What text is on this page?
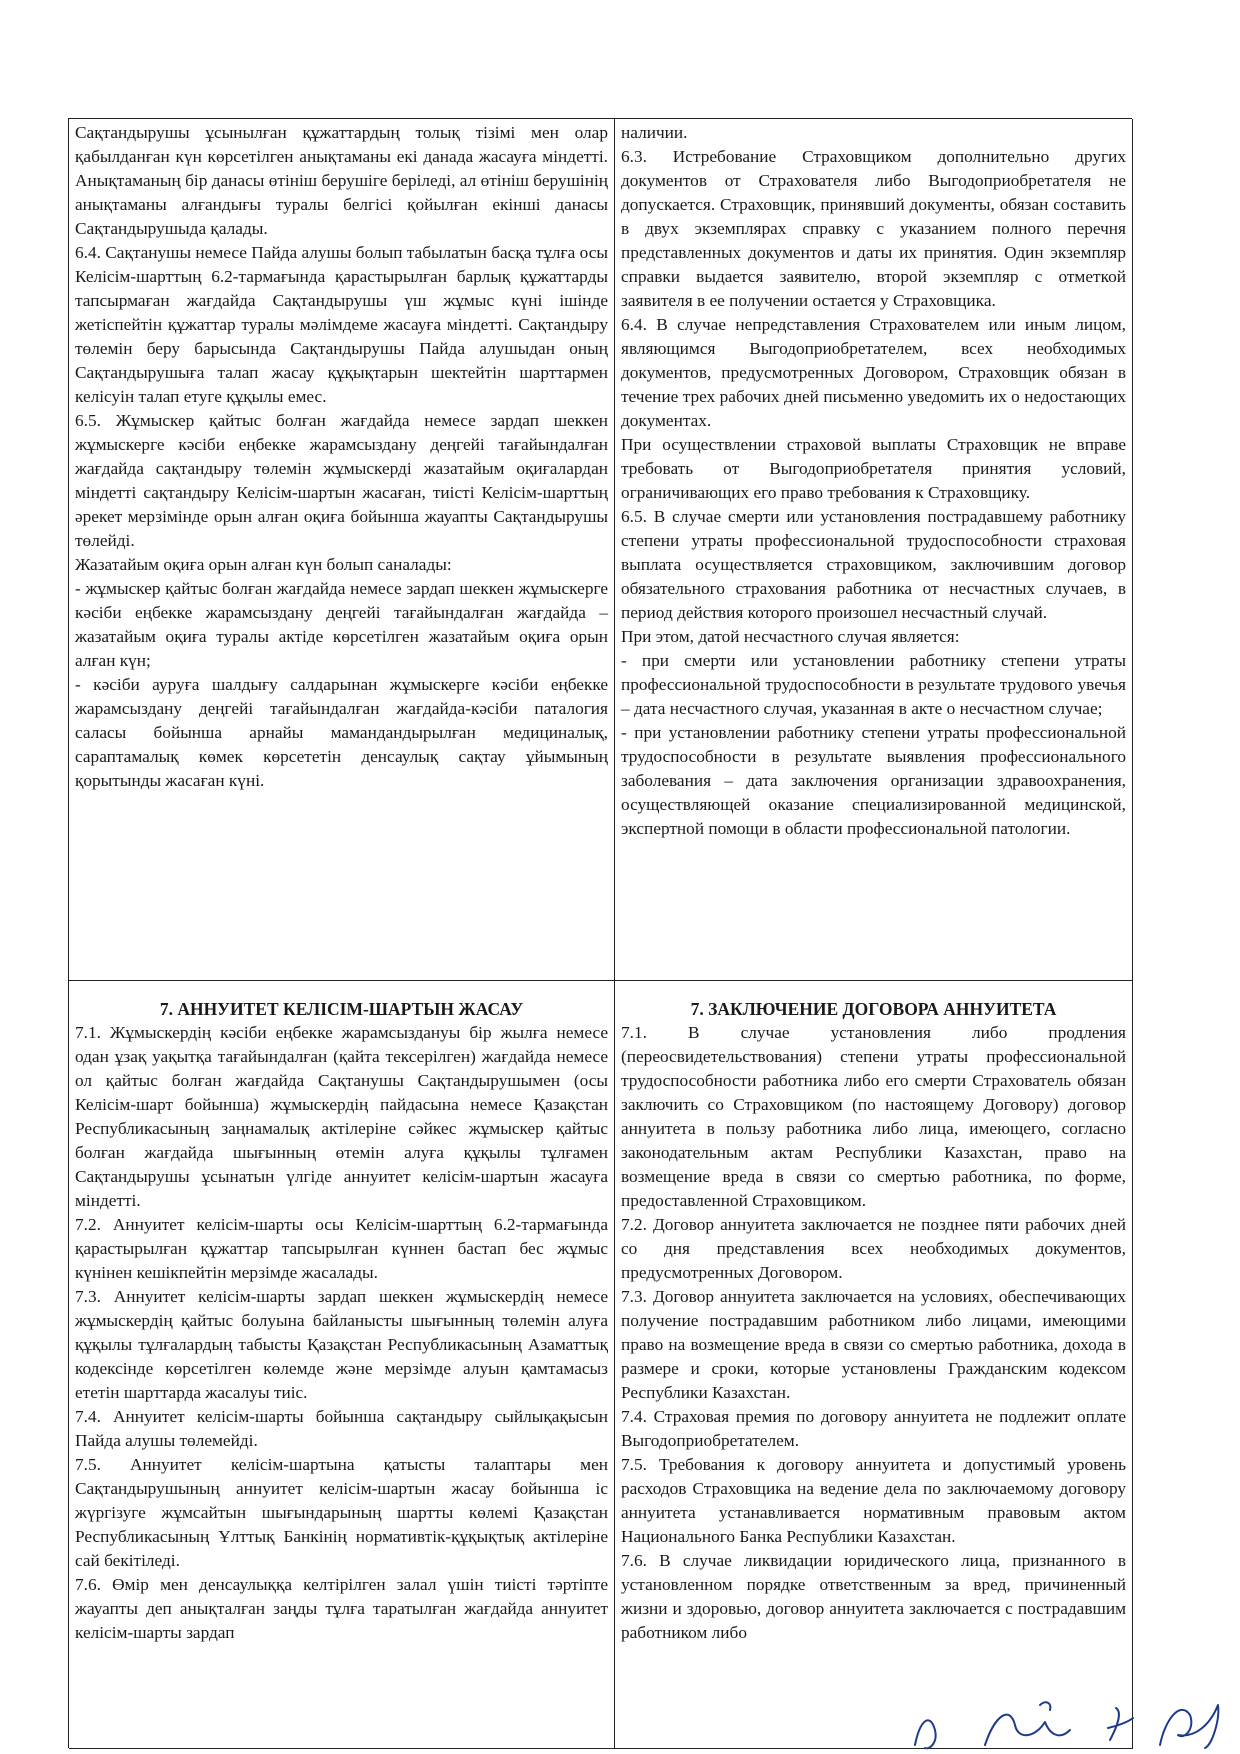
Сақтандырушы ұсынылған құжаттардың толық тізімі мен олар қабылданған күн көрсетілген анықтаманы екі данада жасауға міндетті. Анықтаманың бір данасы өтініш берушіге беріледі, ал өтініш берушінің анықтаманы алғандығы туралы белгісі қойылған екінші данасы Сақтандырушыда қалады.

6.4. Сақтанушы немесе Пайда алушы болып табылатын басқа тұлға осы Келісім-шарттың 6.2-тармағында қарастырылған барлық құжаттарды тапсырмаған жағдайда Сақтандырушы үш жұмыс күні ішінде жетіспейтін құжаттар туралы мәлімдеме жасауға міндетті. Сақтандыру төлемін беру барысында Сақтандырушы Пайда алушыдан оның Сақтандырушыға талап жасау құқықтарын шектейтін шарттармен келісуін талап етуге құқылы емес.

6.5. Жұмыскер қайтыс болған жағдайда немесе зардап шеккен жұмыскерге кәсіби еңбекке жарамсыздану деңгейі тағайындалған жағдайда сақтандыру төлемін жұмыскерді жазатайым оқиғалардан міндетті сақтандыру Келісім-шартын жасаған, тиісті Келісім-шарттың әрекет мерзімінде орын алған оқиға бойынша жауапты Сақтандырушы төлейді.

Жазатайым оқиға орын алған күн болып саналады:

- жұмыскер қайтыс болған жағдайда немесе зардап шеккен жұмыскерге кәсіби еңбекке жарамсыздану деңгейі тағайындалған жағдайда – жазатайым оқиға туралы актіде көрсетілген жазатайым оқиға орын алған күн;

- кәсіби ауруға шалдығу салдарынан жұмыскерге кәсіби еңбекке жарамсыздану деңгейі тағайындалған жағдайда-кәсіби паталогия саласы бойынша арнайы мамандандырылған медициналық, сараптамалық көмек көрсететін денсаулық сақтау ұйымының қорытынды жасаған күні.

наличии.

6.3. Истребование Страховщиком дополнительно других документов от Страхователя либо Выгодоприобретателя не допускается. Страховщик, принявший документы, обязан составить в двух экземплярах справку с указанием полного перечня представленных документов и даты их принятия. Один экземпляр справки выдается заявителю, второй экземпляр с отметкой заявителя в ее получении остается у Страховщика.

6.4. В случае непредставления Страхователем или иным лицом, являющимся Выгодоприобретателем, всех необходимых документов, предусмотренных Договором, Страховщик обязан в течение трех рабочих дней письменно уведомить их о недостающих документах.

При осуществлении страховой выплаты Страховщик не вправе требовать от Выгодоприобретателя принятия условий, ограничивающих его право требования к Страховщику.

6.5. В случае смерти или установления пострадавшему работнику степени утраты профессиональной трудоспособности страховая выплата осуществляется страховщиком, заключившим договор обязательного страхования работника от несчастных случаев, в период действия которого произошел несчастный случай.

При этом, датой несчастного случая является:

- при смерти или установлении работнику степени утраты профессиональной трудоспособности в результате трудового увечья – дата несчастного случая, указанная в акте о несчастном случае;

- при установлении работнику степени утраты профессиональной трудоспособности в результате выявления профессионального заболевания – дата заключения организации здравоохранения, осуществляющей оказание специализированной медицинской, экспертной помощи в области профессиональной патологии.

7. АННУИТЕТ КЕЛІСІМ-ШАРТЫН ЖАСАУ

7.1. Жұмыскердің кәсіби еңбекке жарамсыздануы бір жылға немесе одан ұзақ уақытқа тағайындалған (қайта тексерілген) жағдайда немесе ол қайтыс болған жағдайда Сақтанушы Сақтандырушымен (осы Келісім-шарт бойынша) жұмыскердің пайдасына немесе Қазақстан Республикасының заңнамалық актілеріне сәйкес жұмыскер қайтыс болған жағдайда шығынның өтемін алуға құқылы тұлғамен Сақтандырушы ұсынатын үлгіде аннуитет келісім-шартын жасауға міндетті.

7.2. Аннуитет келісім-шарты осы Келісім-шарттың 6.2-тармағында қарастырылған құжаттар тапсырылған күннен бастап бес жұмыс күнінен кешікпейтін мерзімде жасалады.

7.3. Аннуитет келісім-шарты зардап шеккен жұмыскердің немесе жұмыскердің қайтыс болуына байланысты шығынның төлемін алуға құқылы тұлғалардың табысты Қазақстан Республикасының Азаматтық кодексінде көрсетілген көлемде және мерзімде алуын қамтамасыз ететін шарттарда жасалуы тиіс.

7.4. Аннуитет келісім-шарты бойынша сақтандыру сыйлықақысын Пайда алушы төлемейді.

7.5. Аннуитет келісім-шартына қатысты талаптары мен Сақтандырушының аннуитет келісім-шартын жасау бойынша іс жүргізуге жұмсайтын шығындарының шартты көлемі Қазақстан Республикасының Ұлттық Банкінің нормативтік-құқықтық актілеріне сай бекітіледі.

7.6. Өмір мен денсаулыққа келтірілген залал үшін тиісті тәртіпте жауапты деп анықталған заңды тұлға таратылған жағдайда аннуитет келісім-шарты зардап

7. ЗАКЛЮЧЕНИЕ ДОГОВОРА АННУИТЕТА

7.1. В случае установления либо продления (переосвидетельствования) степени утраты профессиональной трудоспособности работника либо его смерти Страхователь обязан заключить со Страховщиком (по настоящему Договору) договор аннуитета в пользу работника либо лица, имеющего, согласно законодательным актам Республики Казахстан, право на возмещение вреда в связи со смертью работника, по форме, предоставленной Страховщиком.

7.2. Договор аннуитета заключается не позднее пяти рабочих дней со дня представления всех необходимых документов, предусмотренных Договором.

7.3. Договор аннуитета заключается на условиях, обеспечивающих получение пострадавшим работником либо лицами, имеющими право на возмещение вреда в связи со смертью работника, дохода в размере и сроки, которые установлены Гражданским кодексом Республики Казахстан.

7.4. Страховая премия по договору аннуитета не подлежит оплате Выгодоприобретателем.

7.5. Требования к договору аннуитета и допустимый уровень расходов Страховщика на ведение дела по заключаемому договору аннуитета устанавливается нормативным правовым актом Национального Банка Республики Казахстан.

7.6. В случае ликвидации юридического лица, признанного в установленном порядке ответственным за вред, причиненный жизни и здоровью, договор аннуитета заключается с пострадавшим работником либо
